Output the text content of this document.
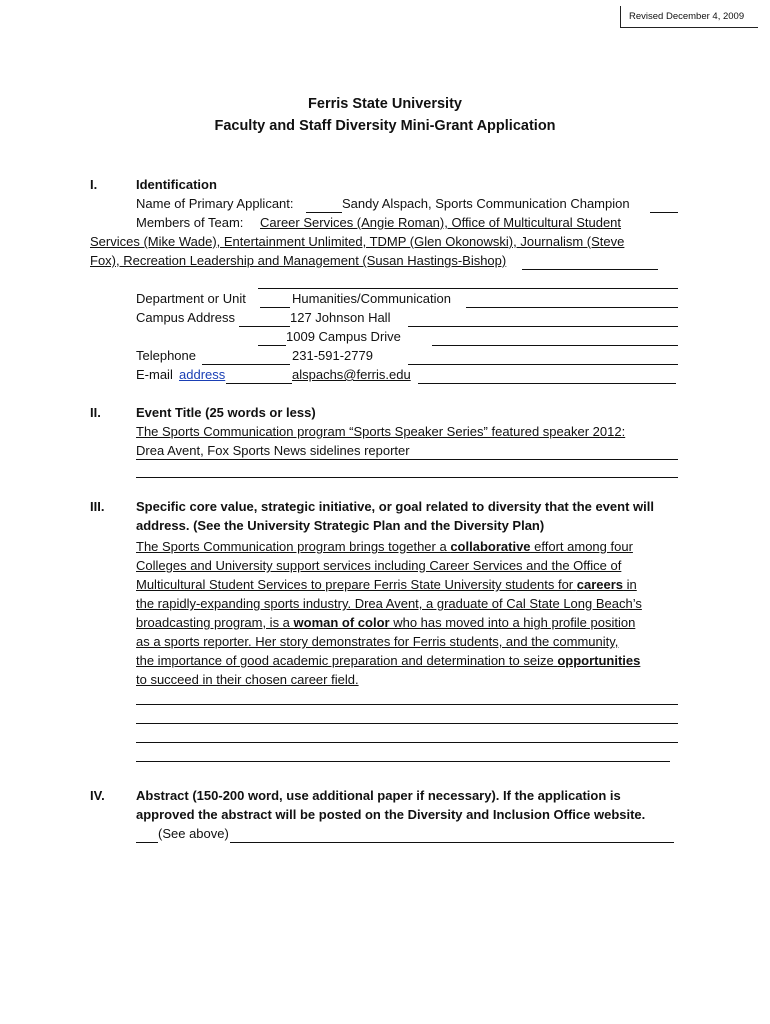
Revised December 4, 2009
Ferris State University
Faculty and Staff Diversity Mini-Grant Application
I.	Identification
Name of Primary Applicant:	Sandy Alspach, Sports Communication Champion
Members of Team: Career Services (Angie Roman), Office of Multicultural Student
Services (Mike Wade), Entertainment Unlimited, TDMP (Glen Okonowski), Journalism (Steve
Fox), Recreation Leadership and Management (Susan Hastings-Bishop)
Department or Unit	Humanities/Communication
Campus Address	127 Johnson Hall
1009 Campus Drive
Telephone	231-591-2779
E-mail address	alspachs@ferris.edu
II.	Event Title (25 words or less)
The Sports Communication program “Sports Speaker Series” featured speaker 2012:
Drea Avent, Fox Sports News sidelines reporter
III. Specific core value, strategic initiative, or goal related to diversity that the event will
address. (See the University Strategic Plan and the Diversity Plan)
The Sports Communication program brings together a collaborative effort among four
Colleges and University support services including Career Services and the Office of
Multicultural Student Services to prepare Ferris State University students for careers in
the rapidly-expanding sports industry. Drea Avent, a graduate of Cal State Long Beach’s
broadcasting program, is a woman of color who has moved into a high profile position
as a sports reporter. Her story demonstrates for Ferris students, and the community,
the importance of good academic preparation and determination to seize opportunities
to succeed in their chosen career field.
IV. Abstract (150-200 word, use additional paper if necessary). If the application is
approved the abstract will be posted on the Diversity and Inclusion Office website.
(See above)
